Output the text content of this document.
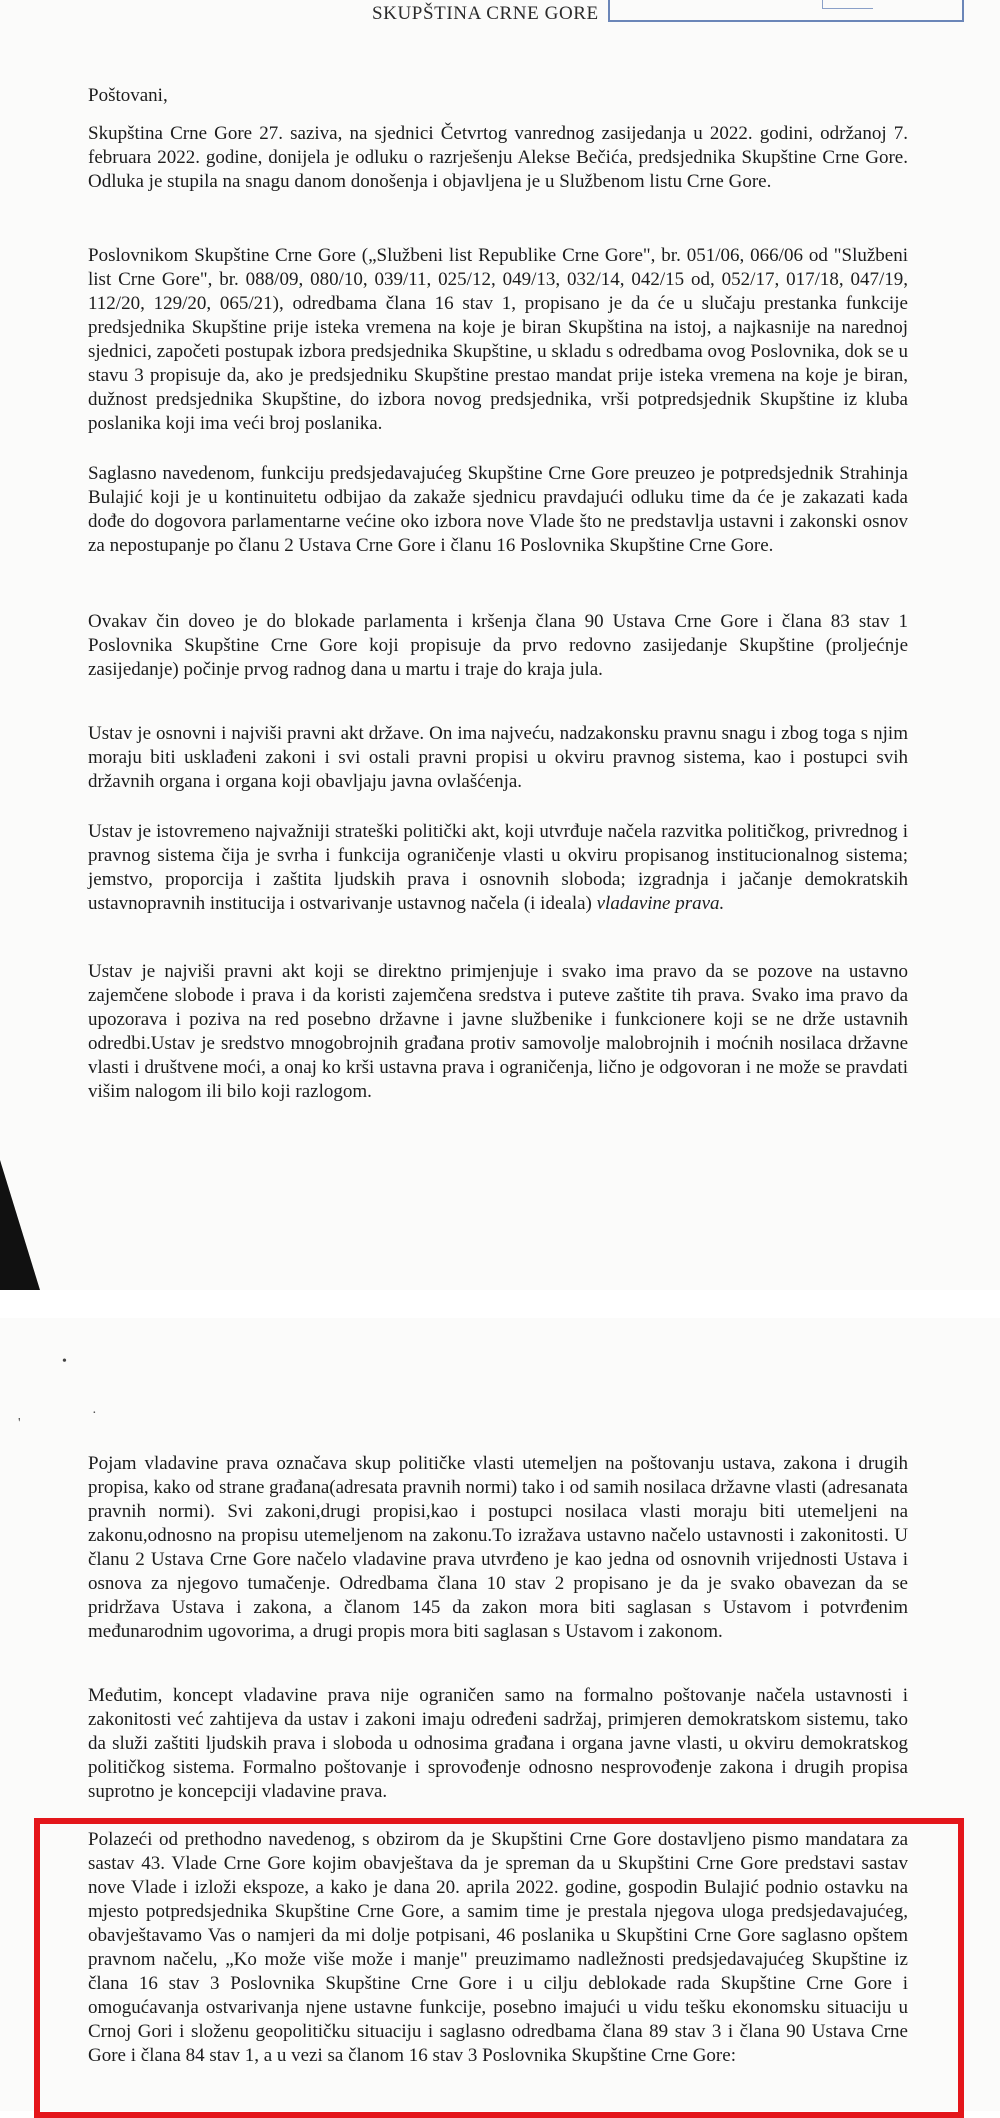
SKUPŠTINA CRNE GORE

Poštovani,

Skupština Crne Gore 27. saziva, na sjednici Četvrtog vanrednog zasijedanja u 2022. godini, održanoj 7. februara 2022. godine, donijela je odluku o razrješenju Alekse Bečića, predsjednika Skupštine Crne Gore. Odluka je stupila na snagu danom donošenja i objavljena je u Službenom listu Crne Gore.

Poslovnikom Skupštine Crne Gore („Službeni list Republike Crne Gore", br. 051/06, 066/06 od "Službeni list Crne Gore", br. 088/09, 080/10, 039/11, 025/12, 049/13, 032/14, 042/15 od, 052/17, 017/18, 047/19, 112/20, 129/20, 065/21), odredbama člana 16 stav 1, propisano je da će u slučaju prestanka funkcije predsjednika Skupštine prije isteka vremena na koje je biran Skupština na istoj, a najkasnije na narednoj sjednici, započeti postupak izbora predsjednika Skupštine, u skladu s odredbama ovog Poslovnika, dok se u stavu 3 propisuje da, ako je predsjedniku Skupštine prestao mandat prije isteka vremena na koje je biran, dužnost predsjednika Skupštine, do izbora novog predsjednika, vrši potpredsjednik Skupštine iz kluba poslanika koji ima veći broj poslanika.

Saglasno navedenom, funkciju predsjedavajućeg Skupštine Crne Gore preuzeo je potpredsjednik Strahinja Bulajić koji je u kontinuitetu odbijao da zakaže sjednicu pravdajući odluku time da će je zakazati kada dođe do dogovora parlamentarne većine oko izbora nove Vlade što ne predstavlja ustavni i zakonski osnov za nepostupanje po članu 2 Ustava Crne Gore i članu 16 Poslovnika Skupštine Crne Gore.

Ovakav čin doveo je do blokade parlamenta i kršenja člana 90 Ustava Crne Gore i člana 83 stav 1 Poslovnika Skupštine Crne Gore koji propisuje da prvo redovno zasijedanje Skupštine (proljećnje zasijedanje) počinje prvog radnog dana u martu i traje do kraja jula.

Ustav je osnovni i najviši pravni akt države. On ima najveću, nadzakonsku pravnu snagu i zbog toga s njim moraju biti usklađeni zakoni i svi ostali pravni propisi u okviru pravnog sistema, kao i postupci svih državnih organa i organa koji obavljaju javna ovlašćenja.

Ustav je istovremeno najvažniji strateški politički akt, koji utvrđuje načela razvitka političkog, privrednog i pravnog sistema čija je svrha i funkcija ograničenje vlasti u okviru propisanog institucionalnog sistema; jemstvo, proporcija i zaštita ljudskih prava i osnovnih sloboda; izgradnja i jačanje demokratskih ustavnopravnih institucija i ostvarivanje ustavnog načela (i ideala) vladavine prava.

Ustav je najviši pravni akt koji se direktno primjenjuje i svako ima pravo da se pozove na ustavno zajemčene slobode i prava i da koristi zajemčena sredstva i puteve zaštite tih prava. Svako ima pravo da upozorava i poziva na red posebno državne i javne službenike i funkcionere koji se ne drže ustavnih odredbi.Ustav je sredstvo mnogobrojnih građana protiv samovolje malobrojnih i moćnih nosilaca državne vlasti i društvene moći, a onaj ko krši ustavna prava i ograničenja, lično je odgovoran i ne može se pravdati višim nalogom ili bilo koji razlogom.

•
·
'

Pojam vladavine prava označava skup političke vlasti utemeljen na poštovanju ustava, zakona i drugih propisa, kako od strane građana(adresata pravnih normi) tako i od samih nosilaca državne vlasti (adresanata pravnih normi). Svi zakoni,drugi propisi,kao i postupci nosilaca vlasti moraju biti utemeljeni na zakonu,odnosno na propisu utemeljenom na zakonu.To izražava ustavno načelo ustavnosti i zakonitosti. U članu 2 Ustava Crne Gore načelo vladavine prava utvrđeno je kao jedna od osnovnih vrijednosti Ustava i osnova za njegovo tumačenje. Odredbama člana 10 stav 2 propisano je da je svako obavezan da se pridržava Ustava i zakona, a članom 145 da zakon mora biti saglasan s Ustavom i potvrđenim međunarodnim ugovorima, a drugi propis mora biti saglasan s Ustavom i zakonom.

Međutim, koncept vladavine prava nije ograničen samo na formalno poštovanje načela ustavnosti i zakonitosti već zahtijeva da ustav i zakoni imaju određeni sadržaj, primjeren demokratskom sistemu, tako da služi zaštiti ljudskih prava i sloboda u odnosima građana i organa javne vlasti, u okviru demokratskog političkog sistema. Formalno poštovanje i sprovođenje odnosno nesprovođenje zakona i drugih propisa suprotno je koncepciji vladavine prava.

Polazeći od prethodno navedenog, s obzirom da je Skupštini Crne Gore dostavljeno pismo mandatara za sastav 43. Vlade Crne Gore kojim obavještava da je spreman da u Skupštini Crne Gore predstavi sastav nove Vlade i izloži ekspoze, a kako je dana 20. aprila 2022. godine, gospodin Bulajić podnio ostavku na mjesto potpredsjednika Skupštine Crne Gore, a samim time je prestala njegova uloga predsjedavajućeg, obavještavamo Vas o namjeri da mi dolje potpisani, 46 poslanika u Skupštini Crne Gore saglasno opštem pravnom načelu, „Ko može više može i manje" preuzimamo nadležnosti predsjedavajućeg Skupštine iz člana 16 stav 3 Poslovnika Skupštine Crne Gore i u cilju deblokade rada Skupštine Crne Gore i omogućavanja ostvarivanja njene ustavne funkcije, posebno imajući u vidu tešku ekonomsku situaciju u Crnoj Gori i složenu geopolitičku situaciju i saglasno odredbama člana 89 stav 3 i člana 90 Ustava Crne Gore i člana 84 stav 1, a u vezi sa članom 16 stav 3 Poslovnika Skupštine Crne Gore:
